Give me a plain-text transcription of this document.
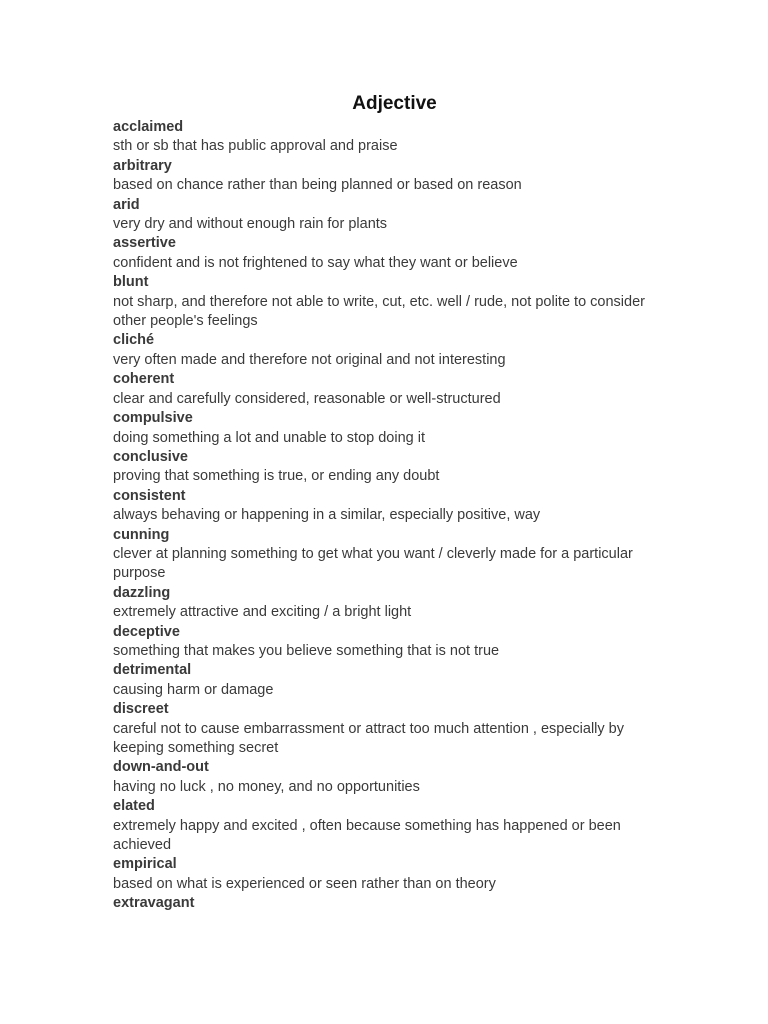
Adjective
acclaimed
sth or sb that has public approval and praise
arbitrary
based on chance rather than being planned or based on reason
arid
very dry and without enough rain for plants
assertive
confident and is not frightened to say what they want or believe
blunt
not sharp, and therefore not able to write, cut, etc. well / rude, not polite to consider other people's feelings
cliché
very often made and therefore not original and not interesting
coherent
clear and carefully considered, reasonable or well-structured
compulsive
doing something a lot and unable to stop doing it
conclusive
proving that something is true, or ending any doubt
consistent
always behaving or happening in a similar, especially positive, way
cunning
clever at planning something to get what you want / cleverly made for a particular purpose
dazzling
extremely attractive and exciting / a bright light
deceptive
something that makes you believe something that is not true
detrimental
causing harm or damage
discreet
careful not to cause embarrassment or attract too much attention , especially by keeping something secret
down-and-out
having no luck , no money, and no opportunities
elated
extremely happy and excited , often because something has happened or been achieved
empirical
based on what is experienced or seen rather than on theory
extravagant
